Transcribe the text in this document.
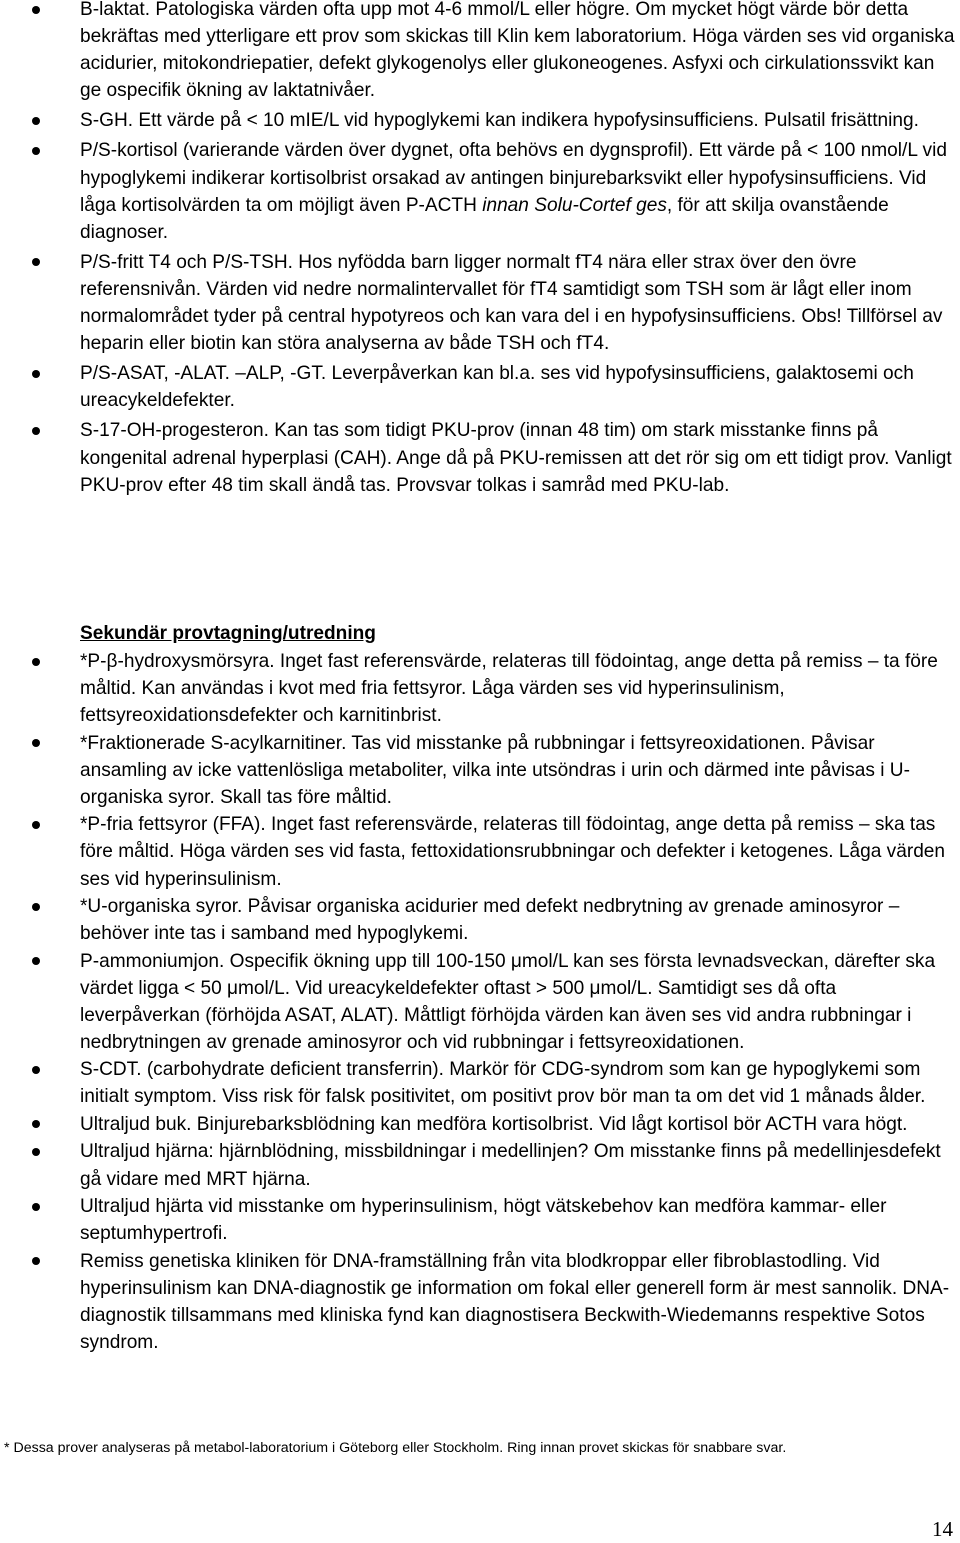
B-laktat. Patologiska värden ofta upp mot 4-6 mmol/L eller högre. Om mycket högt värde bör detta bekräftas med ytterligare ett prov som skickas till Klin kem laboratorium. Höga värden ses vid organiska acidurier, mitokondriepatier, defekt glykogenolys eller glukoneogenes. Asfyxi och cirkulationssvikt kan ge ospecifik ökning av laktatnivåer.
S-GH. Ett värde på < 10 mIE/L vid hypoglykemi kan indikera hypofysinsufficiens. Pulsatil frisättning.
P/S-kortisol (varierande värden över dygnet, ofta behövs en dygnsprofil). Ett värde på < 100 nmol/L vid hypoglykemi indikerar kortisolbrist orsakad av antingen binjurebarksvikt eller hypofysinsufficiens. Vid låga kortisolvärden ta om möjligt även P-ACTH innan Solu-Cortef ges, för att skilja ovanstående diagnoser.
P/S-fritt T4 och P/S-TSH. Hos nyfödda barn ligger normalt fT4 nära eller strax över den övre referensnivån. Värden vid nedre normalintervallet för fT4 samtidigt som TSH som är lågt eller inom normalområdet tyder på central hypotyreos och kan vara del i en hypofysinsufficiens. Obs! Tillförsel av heparin eller biotin kan störa analyserna av både TSH och fT4.
P/S-ASAT, -ALAT. –ALP, -GT. Leverpåverkan kan bl.a. ses vid hypofysinsufficiens, galaktosemi och ureacykeldefekter.
S-17-OH-progesteron. Kan tas som tidigt PKU-prov (innan 48 tim) om stark misstanke finns på kongenital adrenal hyperplasi (CAH). Ange då på PKU-remissen att det rör sig om ett tidigt prov. Vanligt PKU-prov efter 48 tim skall ändå tas. Provsvar tolkas i samråd med PKU-lab.
Sekundär provtagning/utredning
*P-β-hydroxysmörsyra. Inget fast referensvärde, relateras till födointag, ange detta på remiss – ta före måltid. Kan användas i kvot med fria fettsyror. Låga värden ses vid hyperinsulinism, fettsyreoxidationsdefekter och karnitinbrist.
*Fraktionerade S-acylkarnitiner. Tas vid misstanke på rubbningar i fettsyreoxidationen. Påvisar ansamling av icke vattenlösliga metaboliter, vilka inte utsöndras i urin och därmed inte påvisas i U-organiska syror. Skall tas före måltid.
*P-fria fettsyror (FFA). Inget fast referensvärde, relateras till födointag, ange detta på remiss – ska tas före måltid. Höga värden ses vid fasta, fettoxidationsrubbningar och defekter i ketogenes. Låga värden ses vid hyperinsulinism.
*U-organiska syror. Påvisar organiska acidurier med defekt nedbrytning av grenade aminosyror – behöver inte tas i samband med hypoglykemi.
P-ammoniumjon. Ospecifik ökning upp till 100-150 μmol/L kan ses första levnadsveckan, därefter ska värdet ligga < 50 μmol/L. Vid ureacykeldefekter oftast > 500 μmol/L. Samtidigt ses då ofta leverpåverkan (förhöjda ASAT, ALAT). Måttligt förhöjda värden kan även ses vid andra rubbningar i nedbrytningen av grenade aminosyror och vid rubbningar i fettsyreoxidationen.
S-CDT. (carbohydrate deficient transferrin). Markör för CDG-syndrom som kan ge hypoglykemi som initialt symptom. Viss risk för falsk positivitet, om positivt prov bör man ta om det vid 1 månads ålder.
Ultraljud buk. Binjurebarksblödning kan medföra kortisolbrist. Vid lågt kortisol bör ACTH vara högt.
Ultraljud hjärna: hjärnblödning, missbildningar i medellinjen? Om misstanke finns på medellinjesdefekt gå vidare med MRT hjärna.
Ultraljud hjärta vid misstanke om hyperinsulinism, högt vätskebehov kan medföra kammar- eller septumhypertrofi.
Remiss genetiska kliniken för DNA-framställning från vita blodkroppar eller fibroblastodling. Vid hyperinsulinism kan DNA-diagnostik ge information om fokal eller generell form är mest sannolik. DNA-diagnostik tillsammans med kliniska fynd kan diagnostisera Beckwith-Wiedemanns respektive Sotos syndrom.

* Dessa prover analyseras på metabol-laboratorium i Göteborg eller Stockholm. Ring innan provet skickas för snabbare svar.

14
